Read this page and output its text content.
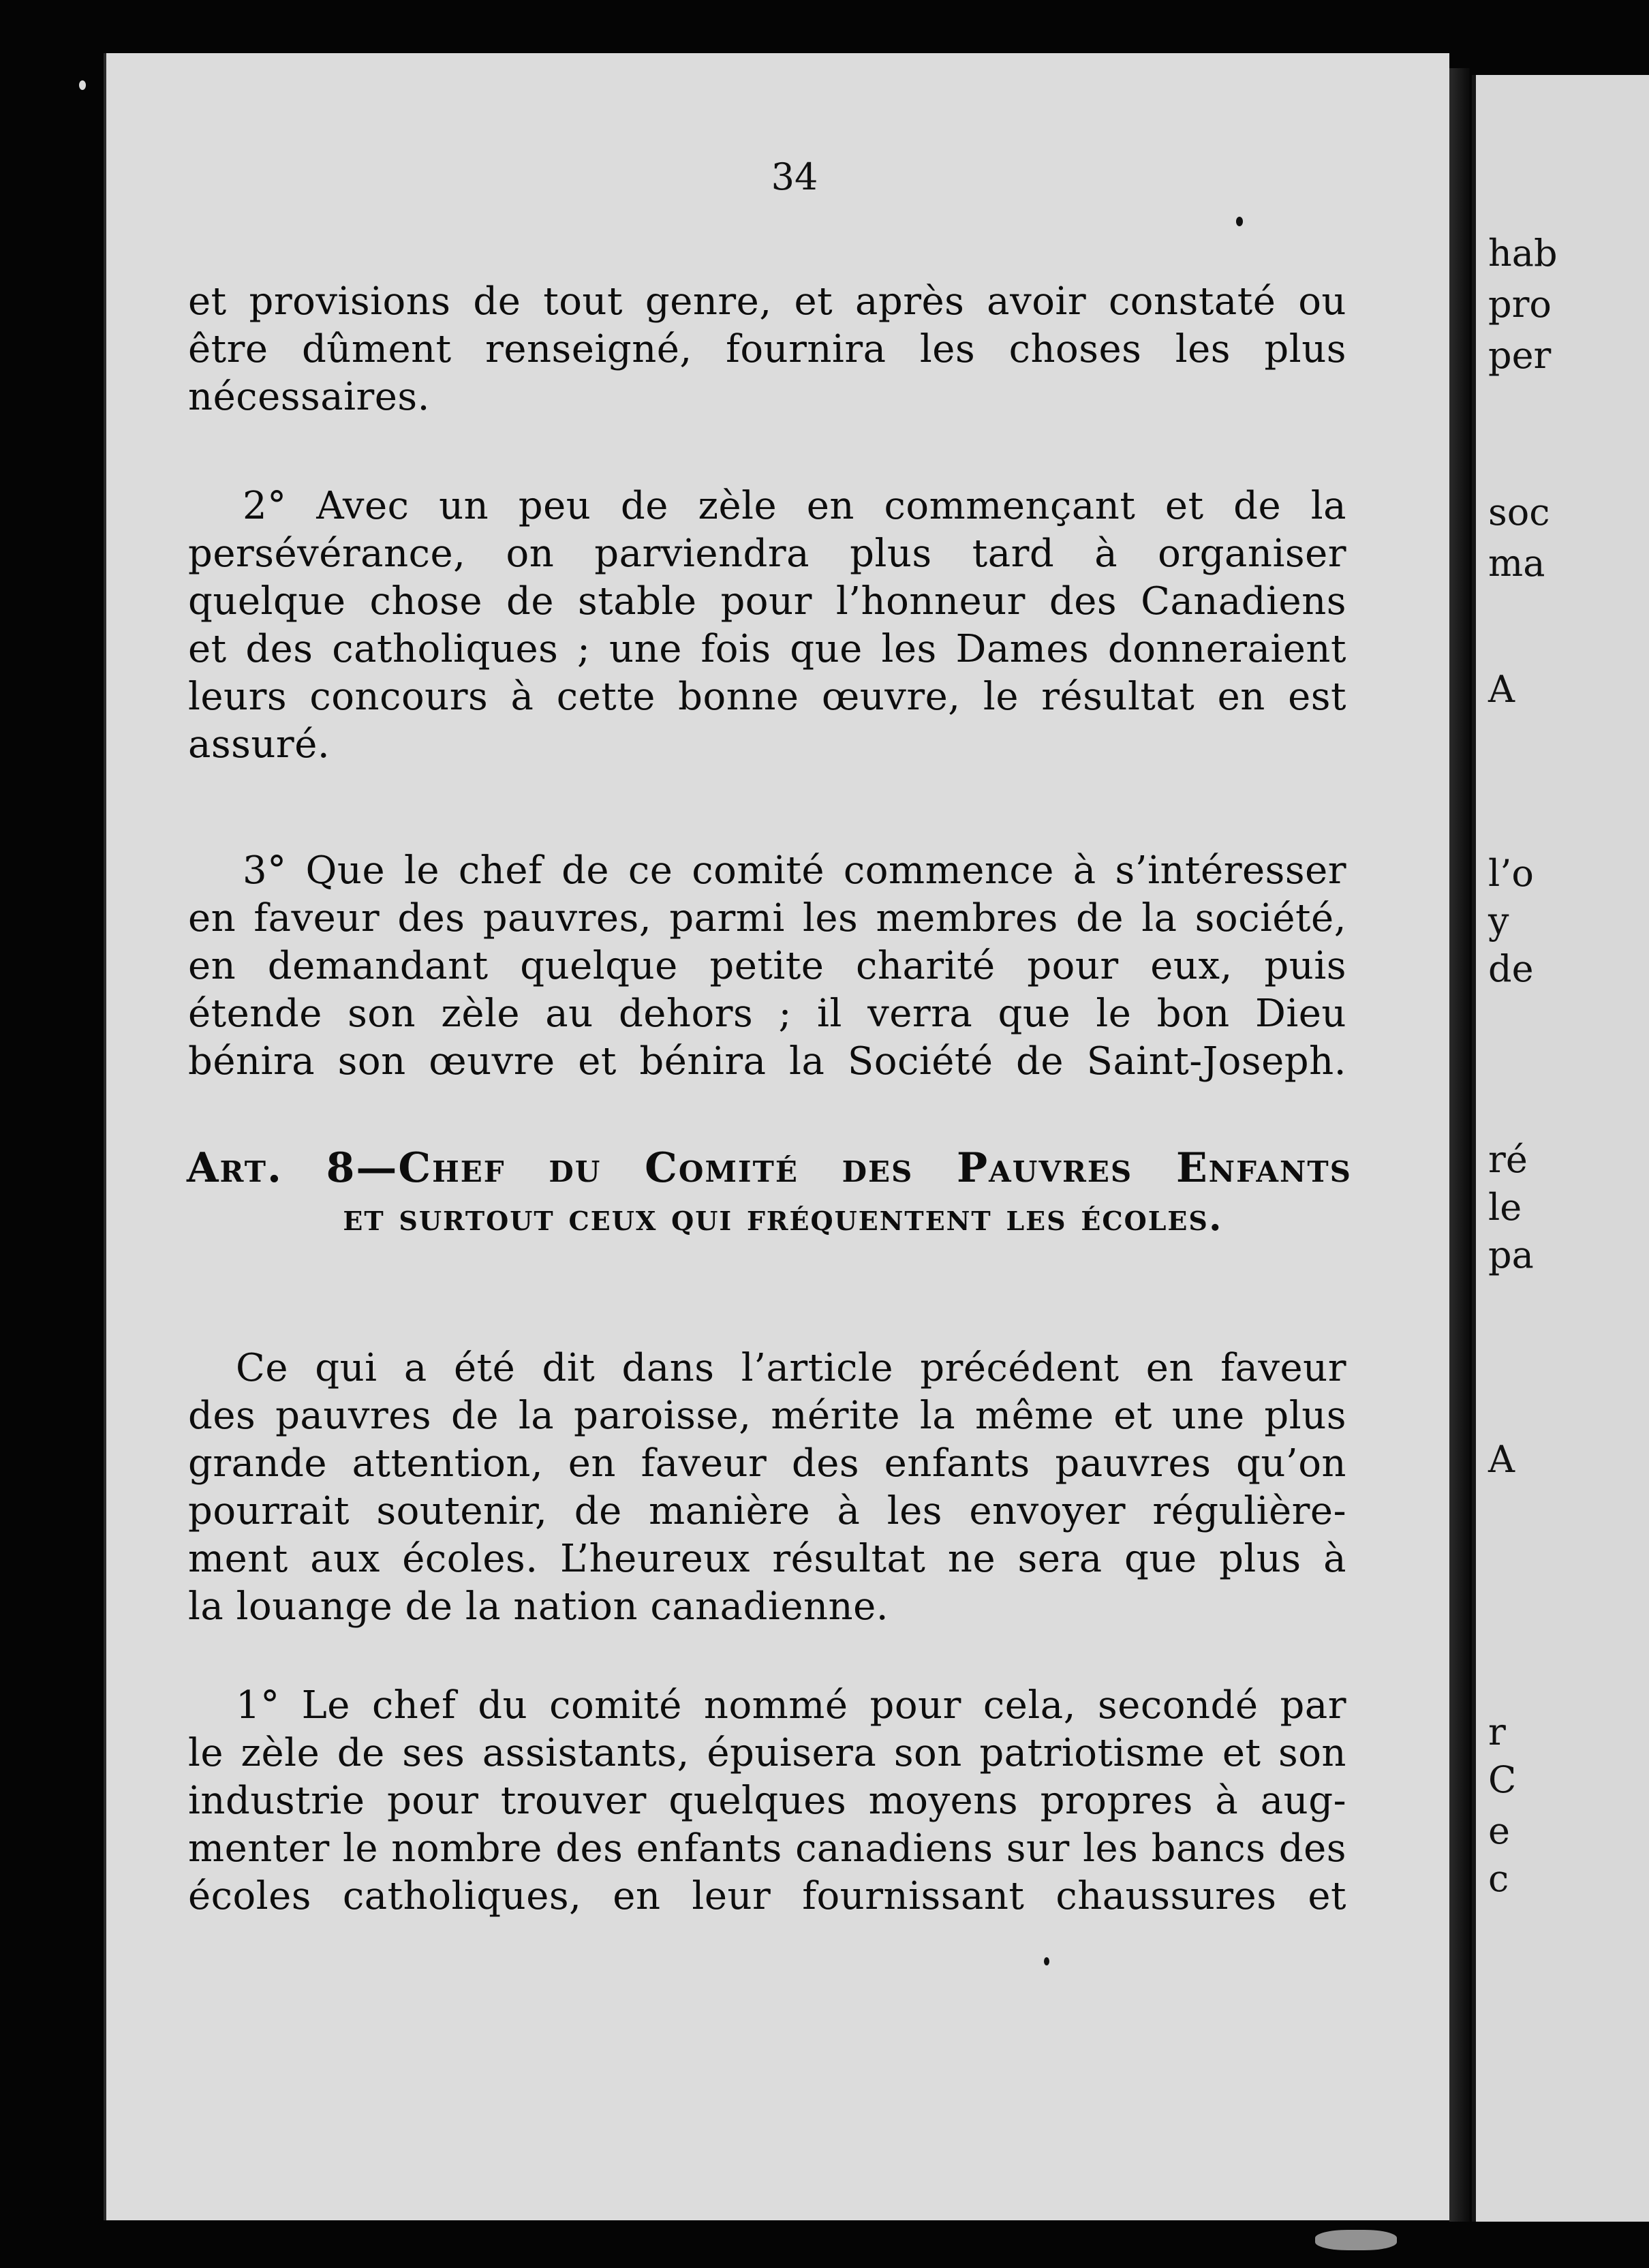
34
et provisions de tout genre, et après avoir constaté ou
être dûment renseigné, fournira les choses les plus
nécessaires.
2° Avec un peu de zèle en commençant et de la
persévérance, on parviendra plus tard à organiser
quelque chose de stable pour l’honneur des Canadiens
et des catholiques ; une fois que les Dames donneraient
leurs concours à cette bonne œuvre, le résultat en est
assuré.
3° Que le chef de ce comité commence à s’intéresser
en faveur des pauvres, parmi les membres de la société,
en demandant quelque petite charité pour eux, puis
étende son zèle au dehors ; il verra que le bon Dieu
bénira son œuvre et bénira la Société de Saint-Joseph.
Art. 8—Chef du Comité des Pauvres Enfants
et surtout ceux qui fréquentent les écoles.
Ce qui a été dit dans l’article précédent en faveur
des pauvres de la paroisse, mérite la même et une plus
grande attention, en faveur des enfants pauvres qu’on
pourrait soutenir, de manière à les envoyer régulière-
ment aux écoles. L’heureux résultat ne sera que plus à
la louange de la nation canadienne.
1° Le chef du comité nommé pour cela, secondé par
le zèle de ses assistants, épuisera son patriotisme et son
industrie pour trouver quelques moyens propres à aug-
menter le nombre des enfants canadiens sur les bancs des
écoles catholiques, en leur fournissant chaussures et
hab
pro
per
soc
ma
A
l’o
y
de
ré
le
pa
A
r
C
e
c
